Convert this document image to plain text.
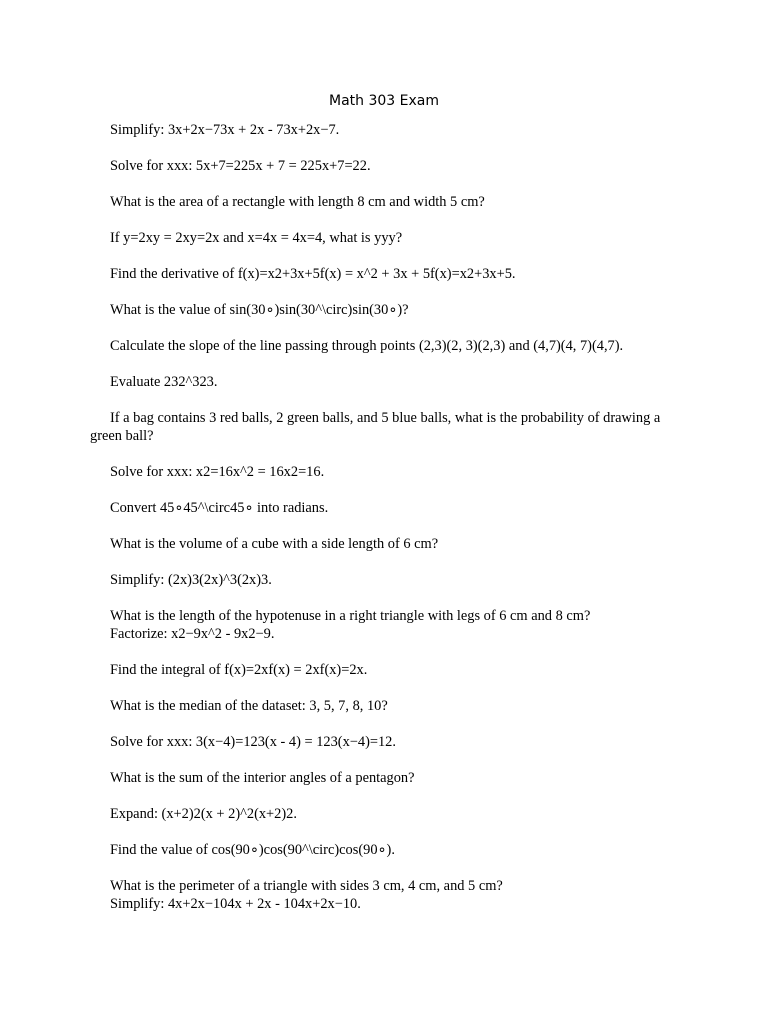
Math 303 Exam

Simplify: 3x+2x−73x + 2x - 73x+2x−7.

Solve for xxx: 5x+7=225x + 7 = 225x+7=22.

What is the area of a rectangle with length 8 cm and width 5 cm?

If y=2xy = 2xy=2x and x=4x = 4x=4, what is yyy?

Find the derivative of f(x)=x2+3x+5f(x) = x^2 + 3x + 5f(x)=x2+3x+5.

What is the value of sin(30∘)sin(30^\circ)sin(30∘)?

Calculate the slope of the line passing through points (2,3)(2, 3)(2,3) and (4,7)(4, 7)(4,7).

Evaluate 232^323.

If a bag contains 3 red balls, 2 green balls, and 5 blue balls, what is the probability of drawing a green ball?

Solve for xxx: x2=16x^2 = 16x2=16.

Convert 45∘45^\circ45∘ into radians.

What is the volume of a cube with a side length of 6 cm?

Simplify: (2x)3(2x)^3(2x)3.

What is the length of the hypotenuse in a right triangle with legs of 6 cm and 8 cm?

Factorize: x2−9x^2 - 9x2−9.

Find the integral of f(x)=2xf(x) = 2xf(x)=2x.

What is the median of the dataset: 3, 5, 7, 8, 10?

Solve for xxx: 3(x−4)=123(x - 4) = 123(x−4)=12.

What is the sum of the interior angles of a pentagon?

Expand: (x+2)2(x + 2)^2(x+2)2.

Find the value of cos(90∘)cos(90^\circ)cos(90∘).

What is the perimeter of a triangle with sides 3 cm, 4 cm, and 5 cm?

Simplify: 4x+2x−104x + 2x - 104x+2x−10.
